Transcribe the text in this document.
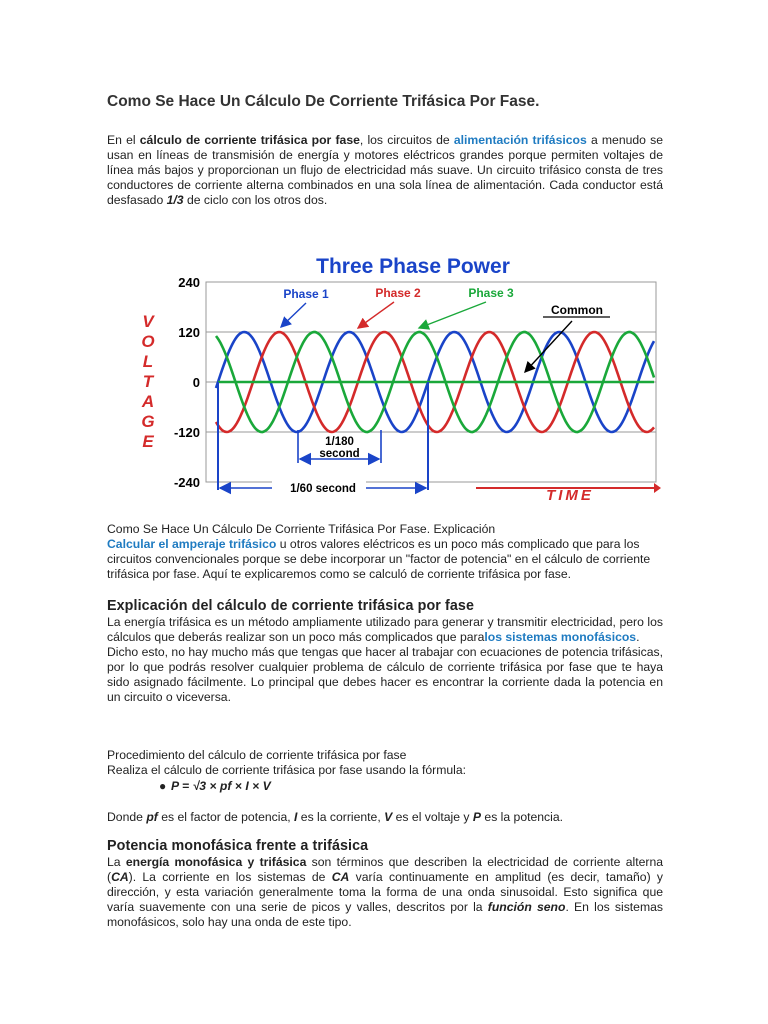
Como Se Hace Un Cálculo De Corriente Trifásica Por Fase.

En el cálculo de corriente trifásica por fase, los circuitos de alimentación trifásicos a menudo se usan en líneas de transmisión de energía y motores eléctricos grandes porque permiten voltajes de línea más bajos y proporcionan un flujo de electricidad más suave. Un circuito trifásico consta de tres conductores de corriente alterna combinados en una sola línea de alimentación. Cada conductor está desfasado 1/3 de ciclo con los otros dos.

240
120
0
-120
-240
V
O
L
T
A
G
E
Phase 1	Phase 2	Phase 3
Common
1/180
second
1/60 second	TIME
Three Phase Power
Como Se Hace Un Cálculo De Corriente Trifásica Por Fase. Explicación
Calcular el amperaje trifásico u otros valores eléctricos es un poco más complicado que para los circuitos convencionales porque se debe incorporar un "factor de potencia" en el cálculo de corriente trifásica por fase. Aquí te explicaremos como se calculó de corriente trifásica por fase.
Explicación del cálculo de corriente trifásica por fase
La energía trifásica es un método ampliamente utilizado para generar y transmitir electricidad, pero los cálculos que deberás realizar son un poco más complicados que paralos sistemas monofásicos.
Dicho esto, no hay mucho más que tengas que hacer al trabajar con ecuaciones de potencia trifásicas, por lo que podrás resolver cualquier problema de cálculo de corriente trifásica por fase que te haya sido asignado fácilmente. Lo principal que debes hacer es encontrar la corriente dada la potencia en un circuito o viceversa.
Procedimiento del cálculo de corriente trifásica por fase
Realiza el cálculo de corriente trifásica por fase usando la fórmula:
● P = √3 × pf × I × V

Donde pf es el factor de potencia, I es la corriente, V es el voltaje y P es la potencia.

Potencia monofásica frente a trifásica

La energía monofásica y trifásica son términos que describen la electricidad de corriente alterna (CA). La corriente en los sistemas de CA varía continuamente en amplitud (es decir, tamaño) y dirección, y esta variación generalmente toma la forma de una onda sinusoidal. Esto significa que varía suavemente con una serie de picos y valles, descritos por la función seno. En los sistemas monofásicos, solo hay una onda de este tipo.
